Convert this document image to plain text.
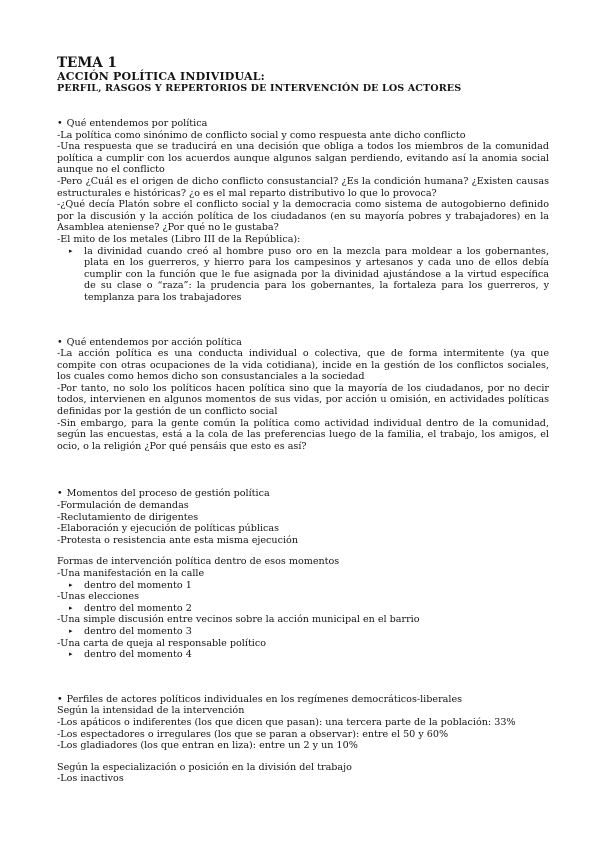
TEMA 1
ACCIÓN POLÍTICA INDIVIDUAL:
PERFIL, RASGOS Y REPERTORIOS DE INTERVENCIÓN DE LOS ACTORES
• Qué entendemos por política
-La política como sinónimo de conflicto social y como respuesta ante dicho conflicto
-Una respuesta que se traducirá en una decisión que obliga a todos los miembros de la comunidad política a cumplir con los acuerdos aunque algunos salgan perdiendo, evitando así la anomia social aunque no el conflicto
-Pero ¿Cuál es el origen de dicho conflicto consustancial? ¿Es la condición humana? ¿Existen causas estructurales e históricas? ¿o es el mal reparto distributivo lo que lo provoca?
-¿Qué decía Platón sobre el conflicto social y la democracia como sistema de autogobierno definido por la discusión y la acción política de los ciudadanos (en su mayoría pobres y trabajadores) en la Asamblea ateniense? ¿Por qué no le gustaba?
-El mito de los metales (Libro III de la República):
▸ la divinidad cuando creó al hombre puso oro en la mezcla para moldear a los gobernantes, plata en los guerreros, y hierro para los campesinos y artesanos y cada uno de ellos debía cumplir con la función que le fue asignada por la divinidad ajustándose a la virtud específica de su clase o “raza”: la prudencia para los gobernantes, la fortaleza para los guerreros, y templanza para los trabajadores
• Qué entendemos por acción política
-La acción política es una conducta individual o colectiva, que de forma intermitente (ya que compite con otras ocupaciones de la vida cotidiana), incide en la gestión de los conflictos sociales, los cuales como hemos dicho son consustanciales a la sociedad
-Por tanto, no solo los políticos hacen política sino que la mayoría de los ciudadanos, por no decir todos, intervienen en algunos momentos de sus vidas, por acción u omisión, en actividades políticas definidas por la gestión de un conflicto social
-Sin embargo, para la gente común la política como actividad individual dentro de la comunidad, según las encuestas, está a la cola de las preferencias luego de la familia, el trabajo, los amigos, el ocio, o la religión ¿Por qué pensáis que esto es así?
• Momentos del proceso de gestión política
-Formulación de demandas
-Reclutamiento de dirigentes
-Elaboración y ejecución de políticas públicas
-Protesta o resistencia ante esta misma ejecución
Formas de intervención política dentro de esos momentos
-Una manifestación en la calle
▸ dentro del momento 1
-Unas elecciones
▸ dentro del momento 2
-Una simple discusión entre vecinos sobre la acción municipal en el barrio
▸ dentro del momento 3
-Una carta de queja al responsable político
▸ dentro del momento 4
• Perfiles de actores políticos individuales en los regímenes democráticos-liberales
Según la intensidad de la intervención
-Los apáticos o indiferentes (los que dicen que pasan): una tercera parte de la población: 33%
-Los espectadores o irregulares (los que se paran a observar): entre el 50 y 60%
-Los gladiadores (los que entran en liza): entre un 2 y un 10%
Según la especialización o posición en la división del trabajo
-Los inactivos
